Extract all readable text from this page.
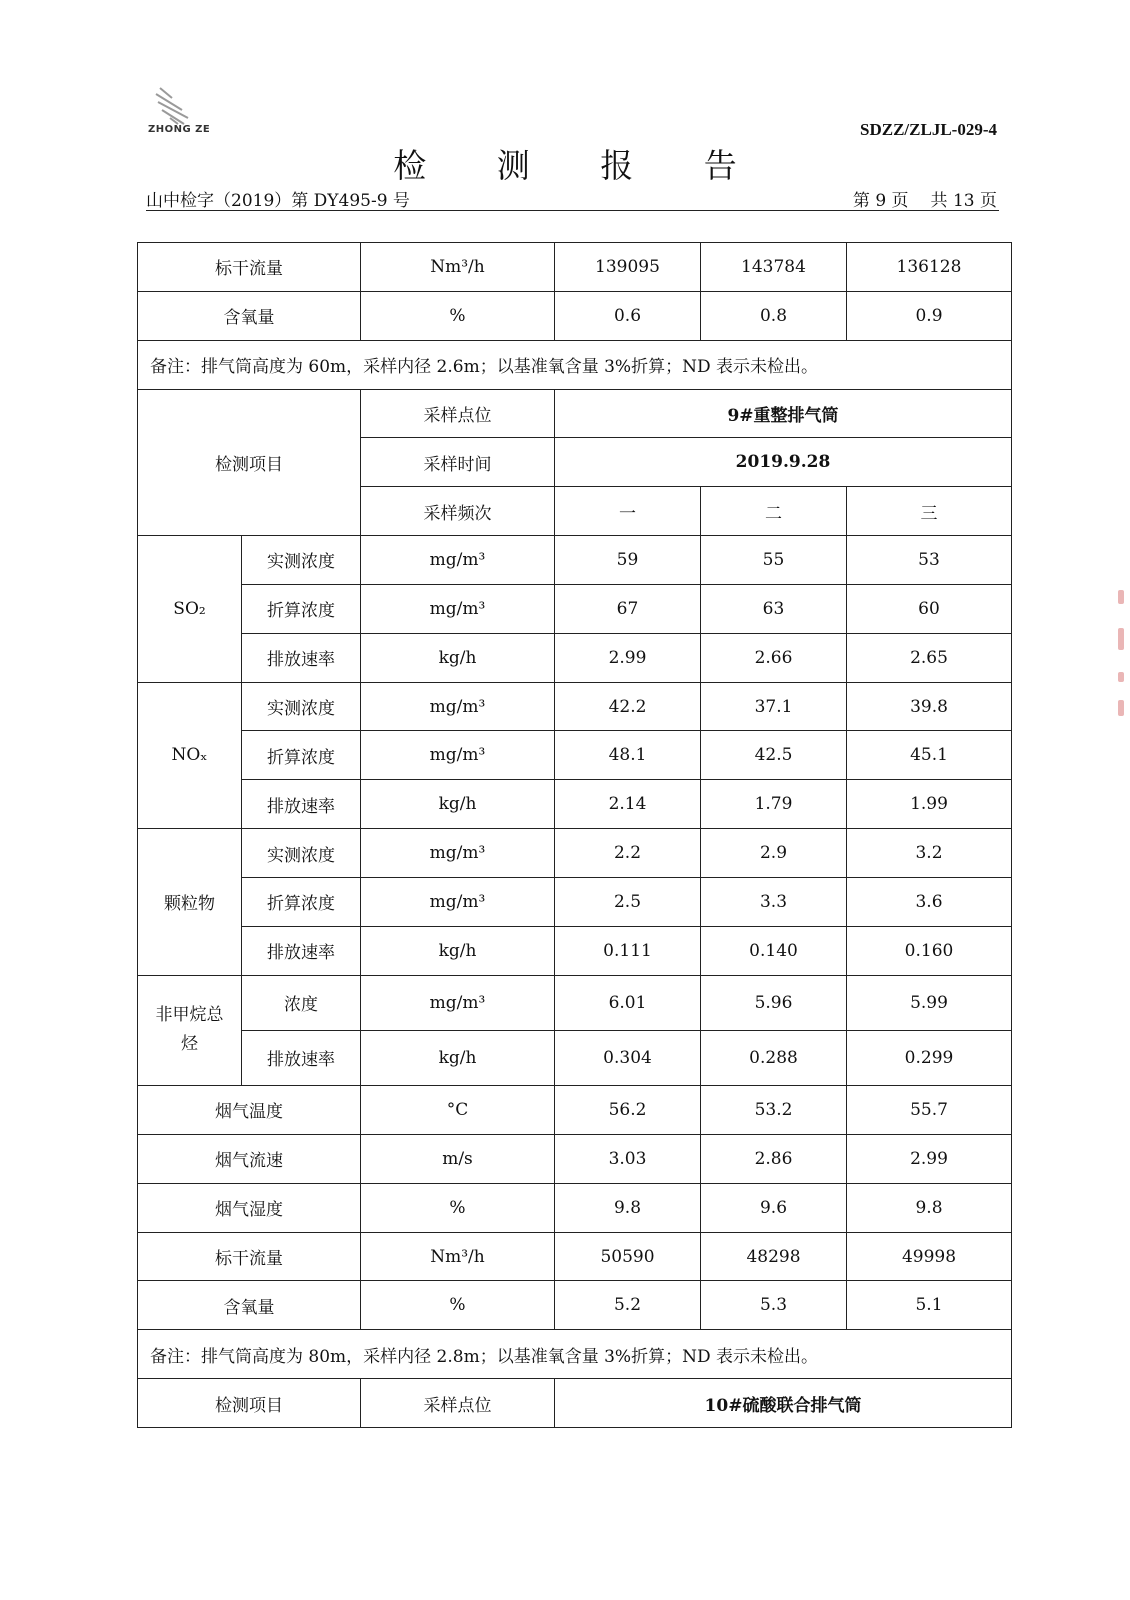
ZHONG ZE	SDZZ/ZLJL-029-4
检 测 报 告
山中检字（2019）第 DY495-9 号	第 9 页 共 13 页
标干流量		Nm³/h	139095	143784	136128
含氧量		%	0.6	0.8	0.9
备注：排气筒高度为 60m，采样内径 2.6m；以基准氧含量 3%折算；ND 表示未检出。					
检测项目		采样点位	9#重整排气筒		
		采样时间	2019.9.28		
		采样频次	一	二	三
SO₂	实测浓度	mg/m³	59	55	53
	折算浓度	mg/m³	67	63	60
	排放速率	kg/h	2.99	2.66	2.65
NOₓ	实测浓度	mg/m³	42.2	37.1	39.8
	折算浓度	mg/m³	48.1	42.5	45.1
	排放速率	kg/h	2.14	1.79	1.99
颗粒物	实测浓度	mg/m³	2.2	2.9	3.2
	折算浓度	mg/m³	2.5	3.3	3.6
	排放速率	kg/h	0.111	0.140	0.160
非甲烷总
烃	浓度	mg/m³	6.01	5.96	5.99
	排放速率	kg/h	0.304	0.288	0.299
烟气温度		°C	56.2	53.2	55.7
烟气流速		m/s	3.03	2.86	2.99
烟气湿度		%	9.8	9.6	9.8
标干流量		Nm³/h	50590	48298	49998
含氧量		%	5.2	5.3	5.1
备注：排气筒高度为 80m，采样内径 2.8m；以基准氧含量 3%折算；ND 表示未检出。					
检测项目		采样点位	10#硫酸联合排气筒		
